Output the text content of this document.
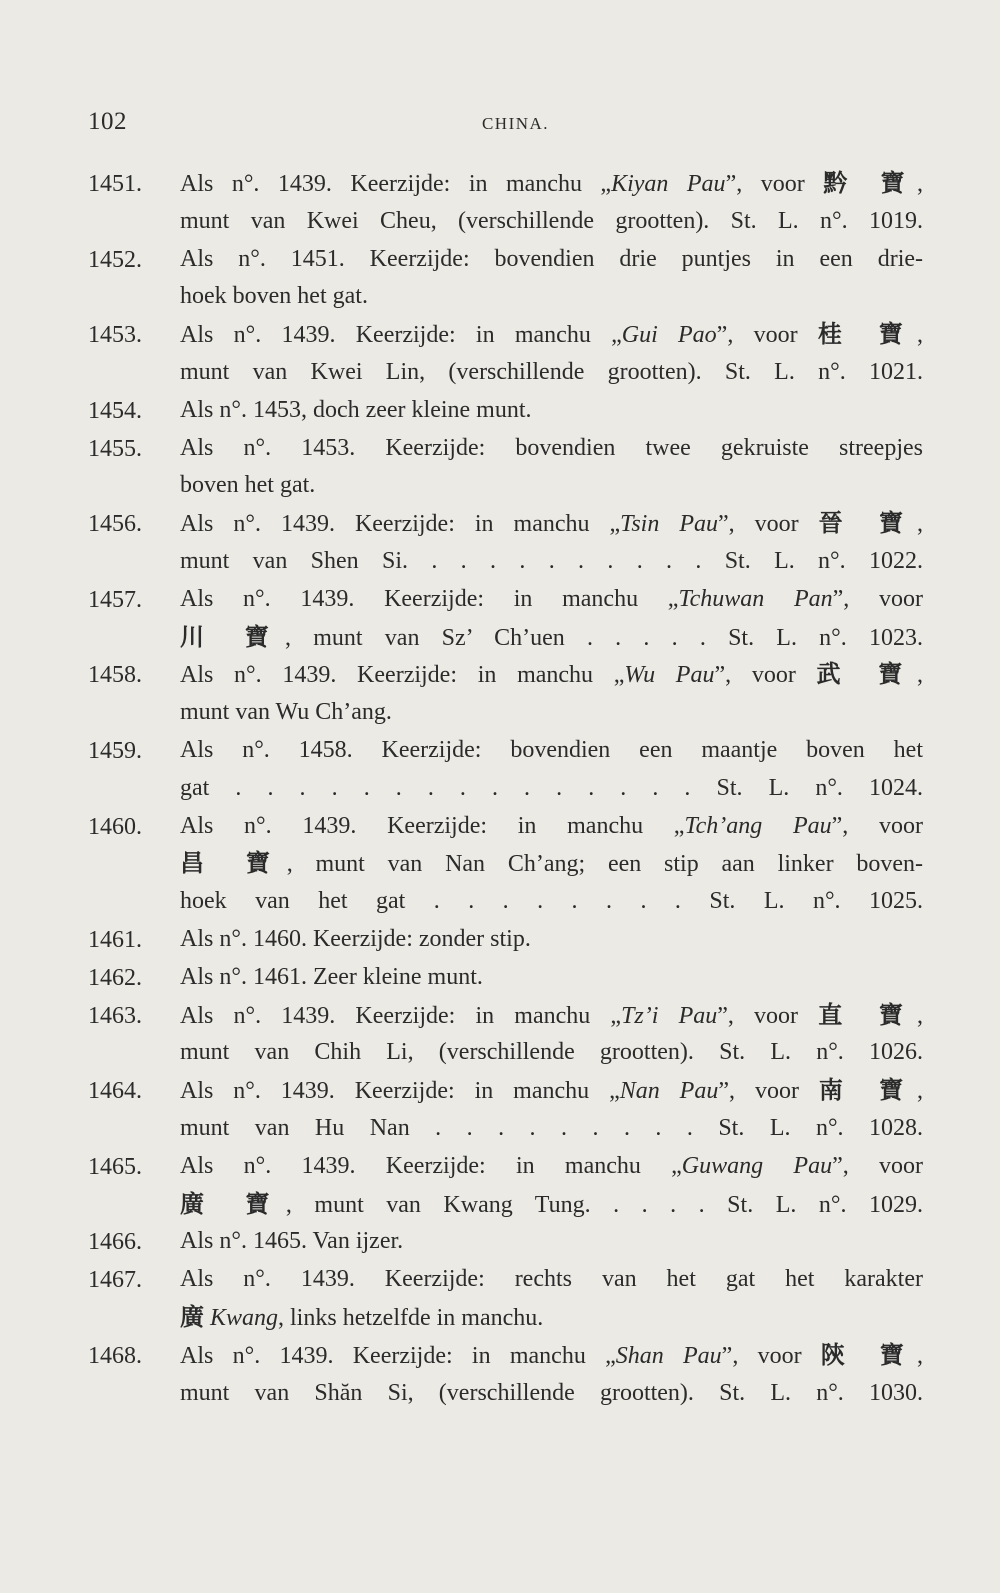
102	CHINA.
1451. Als n°. 1439. Keerzijde: in manchu „Kiyan Pau”, voor 黔 寶,
munt van Kwei Cheu, (verschillende grootten). St. L. n°. 1019.
1452. Als n°. 1451. Keerzijde: bovendien drie puntjes in een drie-
hoek boven het gat.
1453. Als n°. 1439. Keerzijde: in manchu „Gui Pao”, voor 桂 寶,
munt van Kwei Lin, (verschillende grootten). St. L. n°. 1021.
1454. Als n°. 1453, doch zeer kleine munt.
1455. Als n°. 1453. Keerzijde: bovendien twee gekruiste streepjes
boven het gat.
1456. Als n°. 1439. Keerzijde: in manchu „Tsin Pau”, voor 晉 寶,
munt van Shen Si. . . . . . . . . . . St. L. n°. 1022.
1457. Als n°. 1439. Keerzijde: in manchu „Tchuwan Pan”, voor
川 寶, munt van Sz’ Ch’uen . . . . . St. L. n°. 1023.
1458. Als n°. 1439. Keerzijde: in manchu „Wu Pau”, voor 武 寶,
munt van Wu Ch’ang.
1459. Als n°. 1458. Keerzijde: bovendien een maantje boven het
gat . . . . . . . . . . . . . . . St. L. n°. 1024.
1460. Als n°. 1439. Keerzijde: in manchu „Tch’ang Pau”, voor
昌 寶, munt van Nan Ch’ang; een stip aan linker boven-
hoek van het gat . . . . . . . . St. L. n°. 1025.
1461. Als n°. 1460. Keerzijde: zonder stip.
1462. Als n°. 1461. Zeer kleine munt.
1463. Als n°. 1439. Keerzijde: in manchu „Tz’i Pau”, voor 直 寶,
munt van Chih Li, (verschillende grootten). St. L. n°. 1026.
1464. Als n°. 1439. Keerzijde: in manchu „Nan Pau”, voor 南 寶,
munt van Hu Nan . . . . . . . . . St. L. n°. 1028.
1465. Als n°. 1439. Keerzijde: in manchu „Guwang Pau”, voor
廣 寶, munt van Kwang Tung. . . . . St. L. n°. 1029.
1466. Als n°. 1465. Van ijzer.
1467. Als n°. 1439. Keerzijde: rechts van het gat het karakter
廣 Kwang, links hetzelfde in manchu.
1468. Als n°. 1439. Keerzijde: in manchu „Shan Pau”, voor 陝 寶,
munt van Shăn Si, (verschillende grootten). St. L. n°. 1030.
